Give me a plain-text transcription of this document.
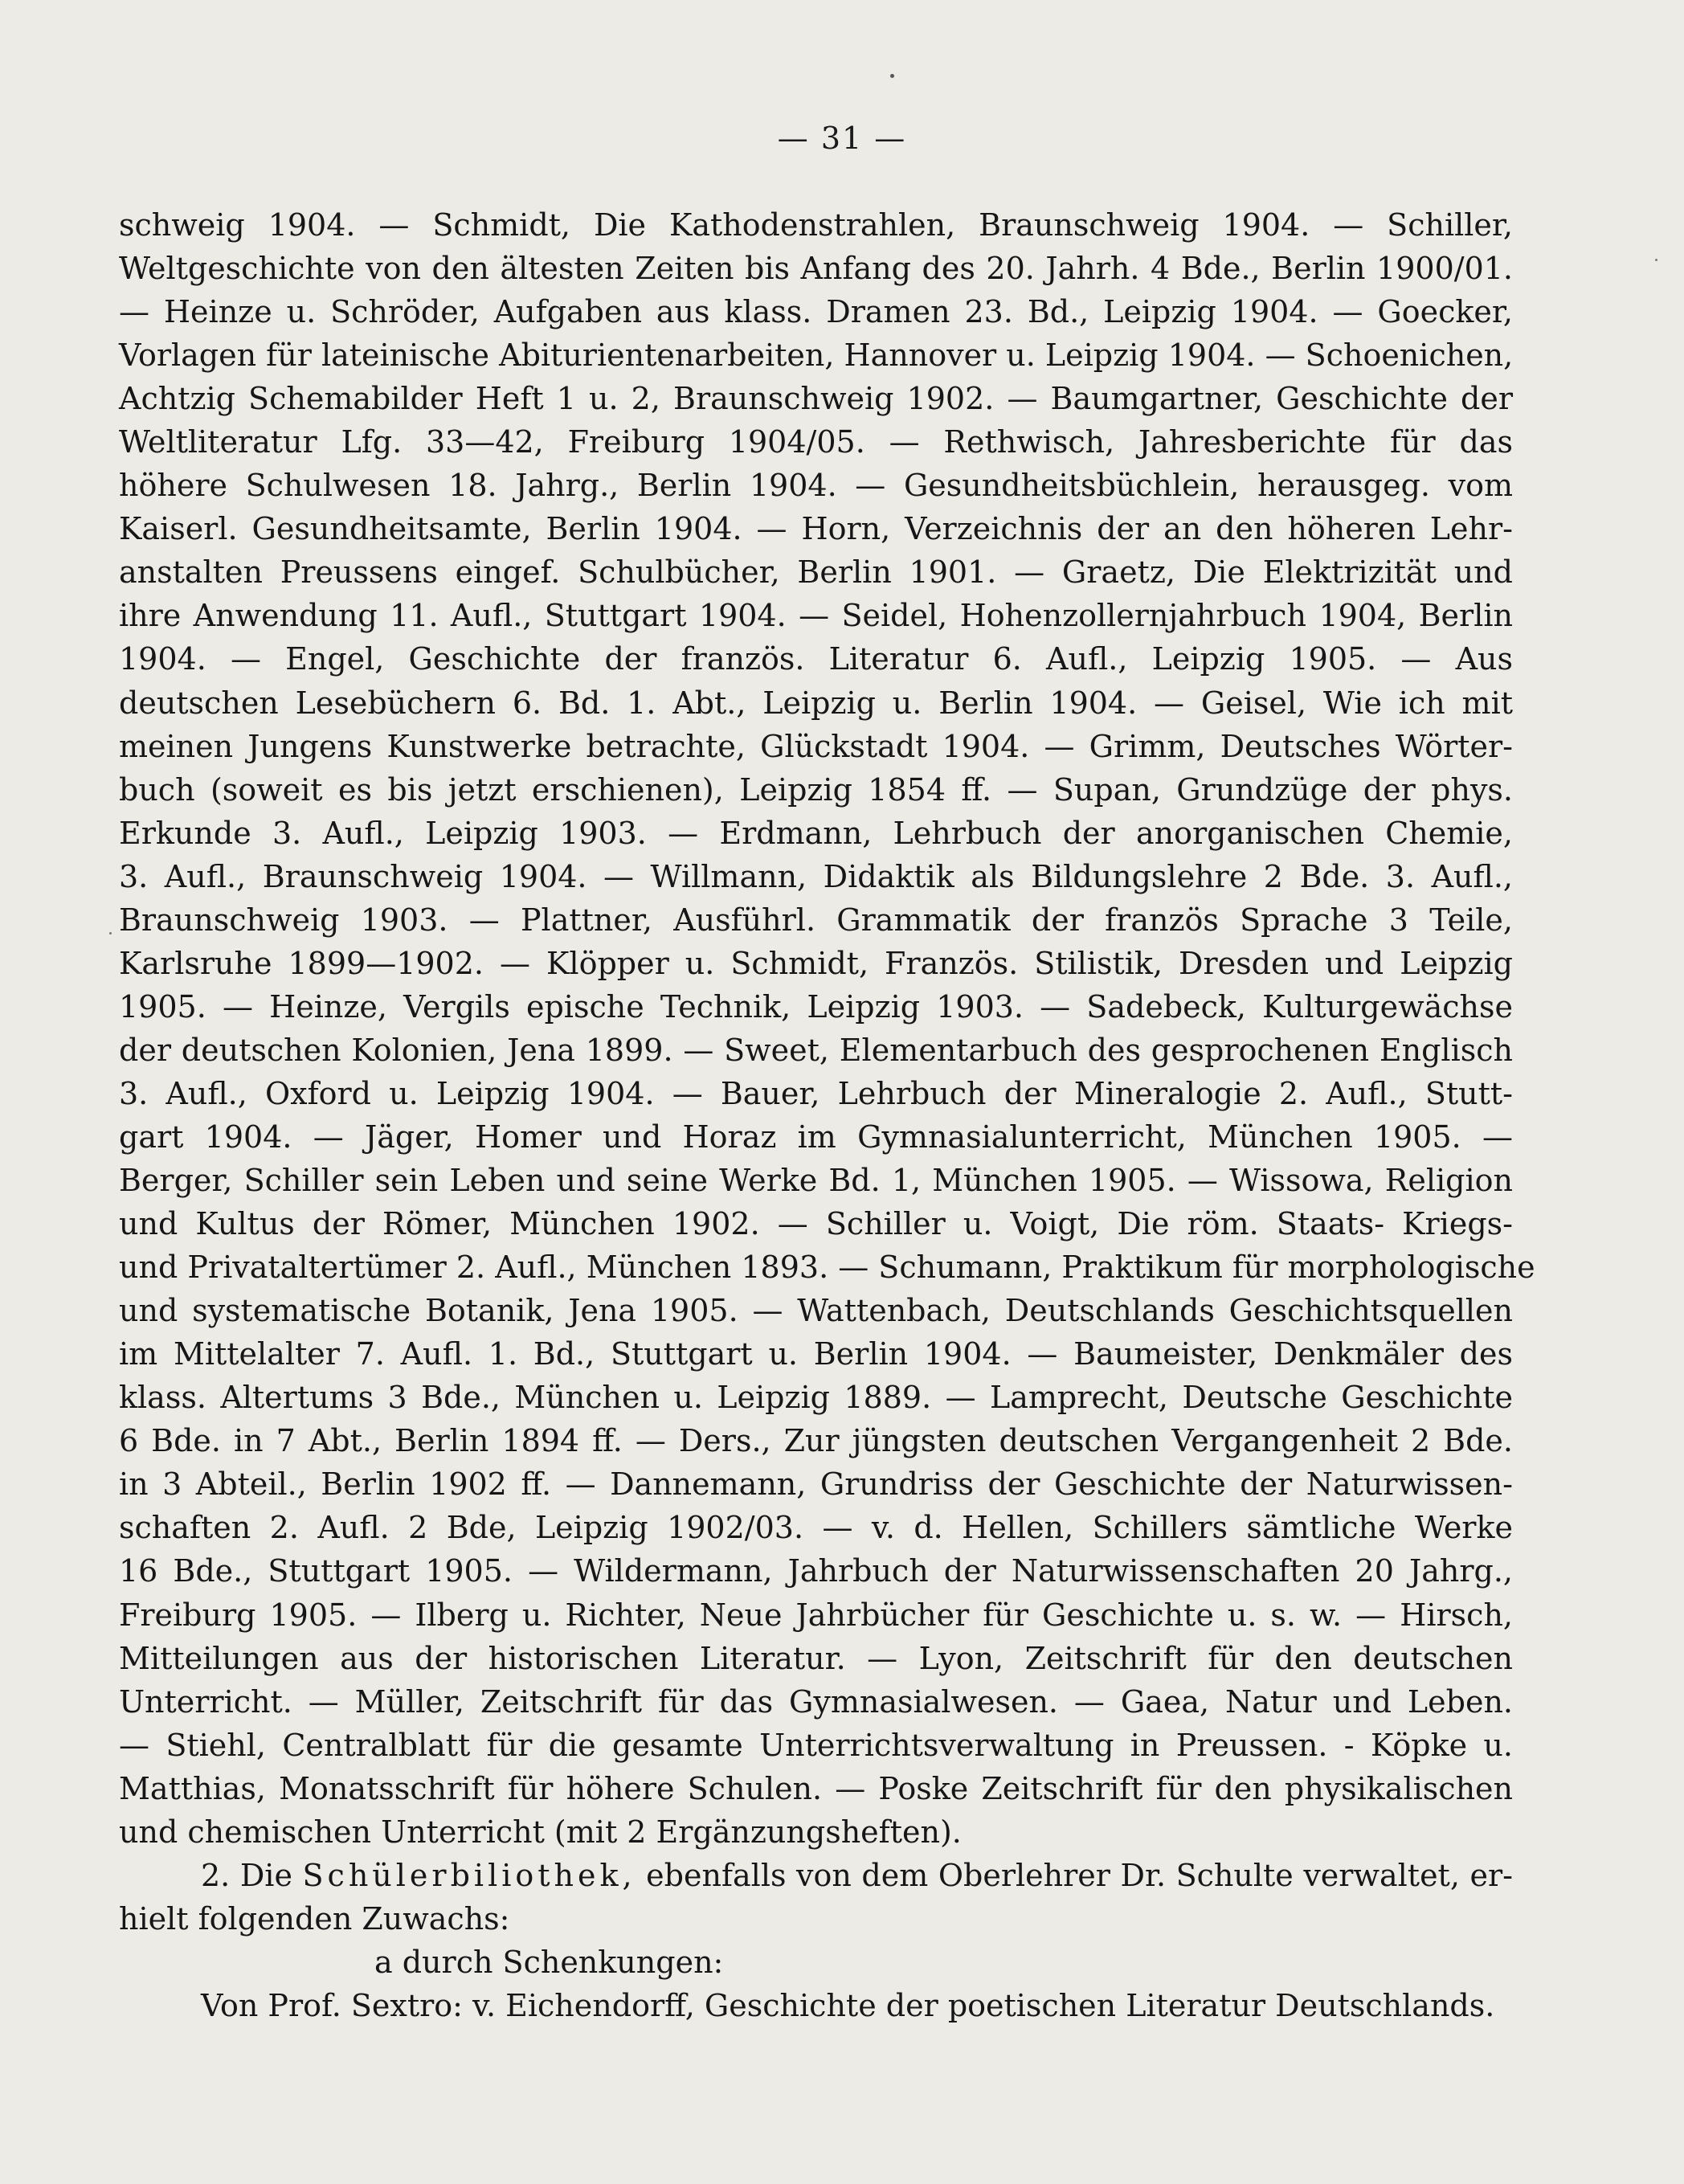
— 31 —
schweig 1904. — Schmidt, Die Kathodenstrahlen, Braunschweig 1904. — Schiller,
Weltgeschichte von den ältesten Zeiten bis Anfang des 20. Jahrh. 4 Bde., Berlin 1900/01.
— Heinze u. Schröder, Aufgaben aus klass. Dramen 23. Bd., Leipzig 1904. — Goecker,
Vorlagen für lateinische Abiturientenarbeiten, Hannover u. Leipzig 1904. — Schoenichen,
Achtzig Schemabilder Heft 1 u. 2, Braunschweig 1902. — Baumgartner, Geschichte der
Weltliteratur Lfg. 33—42, Freiburg 1904/05. — Rethwisch, Jahresberichte für das
höhere Schulwesen 18. Jahrg., Berlin 1904. — Gesundheitsbüchlein, herausgeg. vom
Kaiserl. Gesundheitsamte, Berlin 1904. — Horn, Verzeichnis der an den höheren Lehr-
anstalten Preussens eingef. Schulbücher, Berlin 1901. — Graetz, Die Elektrizität und
ihre Anwendung 11. Aufl., Stuttgart 1904. — Seidel, Hohenzollernjahrbuch 1904, Berlin
1904. — Engel, Geschichte der französ. Literatur 6. Aufl., Leipzig 1905. — Aus
deutschen Lesebüchern 6. Bd. 1. Abt., Leipzig u. Berlin 1904. — Geisel, Wie ich mit
meinen Jungens Kunstwerke betrachte, Glückstadt 1904. — Grimm, Deutsches Wörter-
buch (soweit es bis jetzt erschienen), Leipzig 1854 ff. — Supan, Grundzüge der phys.
Erkunde 3. Aufl., Leipzig 1903. — Erdmann, Lehrbuch der anorganischen Chemie,
3. Aufl., Braunschweig 1904. — Willmann, Didaktik als Bildungslehre 2 Bde. 3. Aufl.,
Braunschweig 1903. — Plattner, Ausführl. Grammatik der französ Sprache 3 Teile,
Karlsruhe 1899—1902. — Klöpper u. Schmidt, Französ. Stilistik, Dresden und Leipzig
1905. — Heinze, Vergils epische Technik, Leipzig 1903. — Sadebeck, Kulturgewächse
der deutschen Kolonien, Jena 1899. — Sweet, Elementarbuch des gesprochenen Englisch
3. Aufl., Oxford u. Leipzig 1904. — Bauer, Lehrbuch der Mineralogie 2. Aufl., Stutt-
gart 1904. — Jäger, Homer und Horaz im Gymnasialunterricht, München 1905. —
Berger, Schiller sein Leben und seine Werke Bd. 1, München 1905. — Wissowa, Religion
und Kultus der Römer, München 1902. — Schiller u. Voigt, Die röm. Staats- Kriegs-
und Privataltertümer 2. Aufl., München 1893. — Schumann, Praktikum für morphologische
und systematische Botanik, Jena 1905. — Wattenbach, Deutschlands Geschichtsquellen
im Mittelalter 7. Aufl. 1. Bd., Stuttgart u. Berlin 1904. — Baumeister, Denkmäler des
klass. Altertums 3 Bde., München u. Leipzig 1889. — Lamprecht, Deutsche Geschichte
6 Bde. in 7 Abt., Berlin 1894 ff. — Ders., Zur jüngsten deutschen Vergangenheit 2 Bde.
in 3 Abteil., Berlin 1902 ff. — Dannemann, Grundriss der Geschichte der Naturwissen-
schaften 2. Aufl. 2 Bde, Leipzig 1902/03. — v. d. Hellen, Schillers sämtliche Werke
16 Bde., Stuttgart 1905. — Wildermann, Jahrbuch der Naturwissenschaften 20 Jahrg.,
Freiburg 1905. — Ilberg u. Richter, Neue Jahrbücher für Geschichte u. s. w. — Hirsch,
Mitteilungen aus der historischen Literatur. — Lyon, Zeitschrift für den deutschen
Unterricht. — Müller, Zeitschrift für das Gymnasialwesen. — Gaea, Natur und Leben.
— Stiehl, Centralblatt für die gesamte Unterrichtsverwaltung in Preussen. - Köpke u.
Matthias, Monatsschrift für höhere Schulen. — Poske Zeitschrift für den physikalischen
und chemischen Unterricht (mit 2 Ergänzungsheften).
2. Die Schülerbiliothek, ebenfalls von dem Oberlehrer Dr. Schulte verwaltet, er-
hielt folgenden Zuwachs:
a durch Schenkungen:
Von Prof. Sextro: v. Eichendorff, Geschichte der poetischen Literatur Deutschlands.
